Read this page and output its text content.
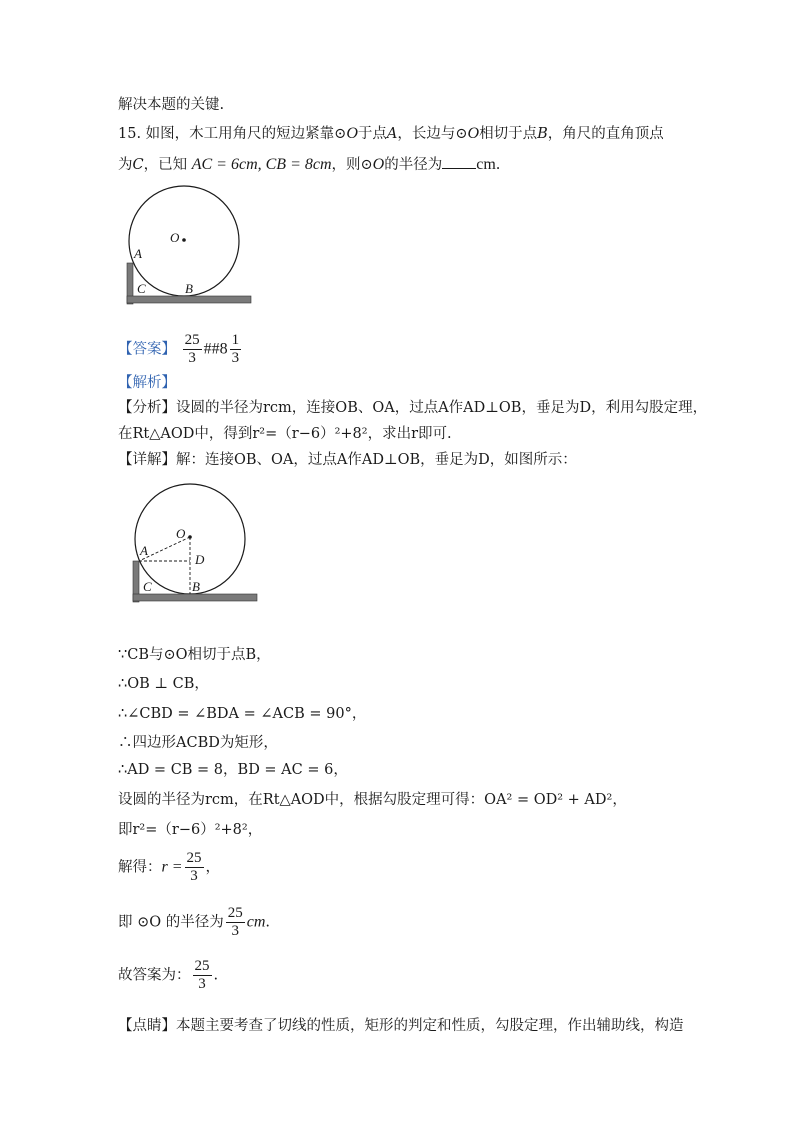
解决本题的关键.
15. 如图，木工用角尺的短边紧靠⊙O于点A，长边与⊙O相切于点B，角尺的直角顶点
为C，已知 AC = 6cm, CB = 8cm，则⊙O的半径为 cm.
O
A
C	B
【答案】 $\frac{25}{3}$ ##8 $\frac{1}{3}$
【解析】
【分析】设圆的半径为rcm，连接OB、OA，过点A作AD⊥OB，垂足为D，利用勾股定理，
在Rt△AOD中，得到r²=（r−6）²+8²，求出r即可.
【详解】解：连接OB、OA，过点A作AD⊥OB，垂足为D，如图所示：
O
A
D
C	B
∵CB与⊙O相切于点B，
∴OB ⊥ CB，
∴∠CBD = ∠BDA = ∠ACB = 90°，
∴四边形ACBD为矩形，
∴AD = CB = 8，BD = AC = 6，
设圆的半径为rcm，在Rt△AOD中，根据勾股定理可得：OA² = OD² + AD²，
即r²=（r−6）²+8²，
解得：$r = \frac{25}{3}$ ，
即 ⊙O 的半径为 $\frac{25}{3}$ cm.
故答案为： $\frac{25}{3}$ .
【点睛】本题主要考查了切线的性质，矩形的判定和性质，勾股定理，作出辅助线，构造
